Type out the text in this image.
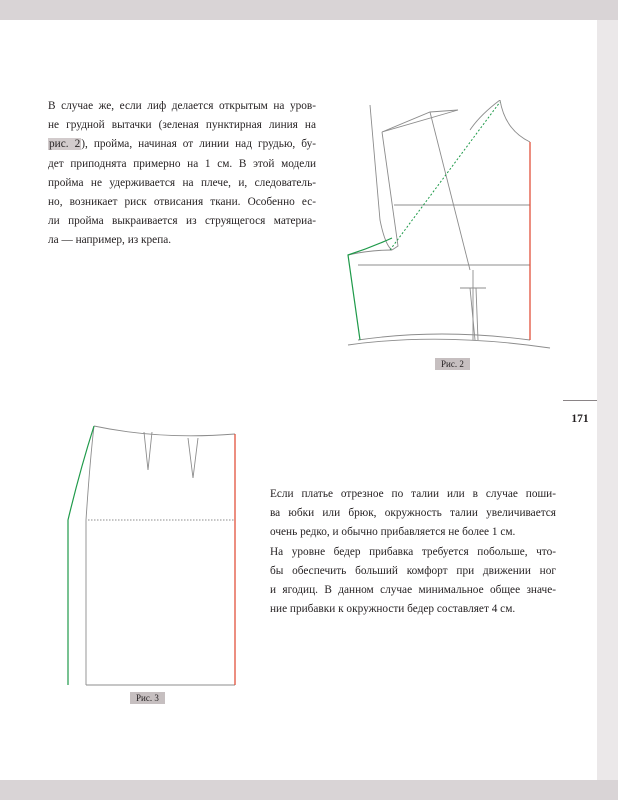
171
В случае же, если лиф делается открытым на уров-
не грудной вытачки (зеленая пунктирная линия на
рис. 2), пройма, начиная от линии над грудью, бу-
дет приподнята примерно на 1 см. В этой модели
пройма не удерживается на плече, и, следователь-
но, возникает риск отвисания ткани. Особенно ес-
ли пройма выкраивается из струящегося материа-
ла — например, из крепа.
Рис. 2
Рис. 3
Если платье отрезное по талии или в случае поши-
ва юбки или брюк, окружность талии увеличивается
очень редко, и обычно прибавляется не более 1 см.
На уровне бедер прибавка требуется побольше, что-
бы обеспечить больший комфорт при движении ног
и ягодиц. В данном случае минимальное общее значе-
ние прибавки к окружности бедер составляет 4 см.
